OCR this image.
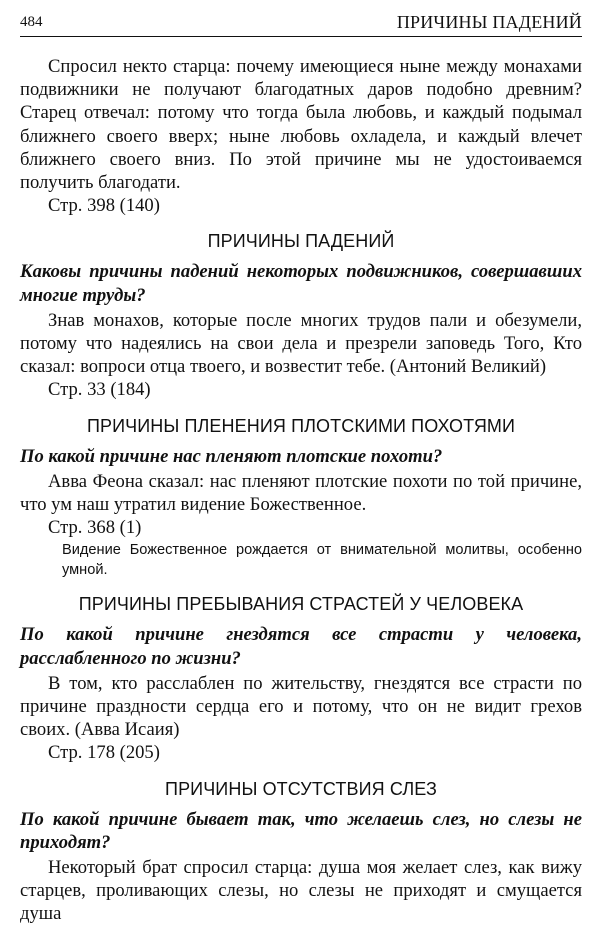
484	ПРИЧИНЫ ПАДЕНИЙ

Спросил некто старца: почему имеющиеся ныне между монахами подвижники не получают благодатных даров подобно древним? Старец отвечал: потому что тогда была любовь, и каждый подымал ближнего своего вверх; ныне любовь охладела, и каждый влечет ближнего своего вниз. По этой причине мы не удостоиваемся получить благодати.

Стр. 398 (140)

ПРИЧИНЫ ПАДЕНИЙ

Каковы причины падений некоторых подвижников, совершавших многие труды?

Знав монахов, которые после многих трудов пали и обезумели, потому что надеялись на свои дела и презрели заповедь Того, Кто сказал: вопроси отца твоего, и возвестит тебе. (Антоний Великий)

Стр. 33 (184)

ПРИЧИНЫ ПЛЕНЕНИЯ ПЛОТСКИМИ ПОХОТЯМИ

По какой причине нас пленяют плотские похоти?

Авва Феона сказал: нас пленяют плотские похоти по той причине, что ум наш утратил видение Божественное.

Стр. 368 (1)

Видение Божественное рождается от внимательной молитвы, особенно умной.

ПРИЧИНЫ ПРЕБЫВАНИЯ СТРАСТЕЙ У ЧЕЛОВЕКА

По какой причине гнездятся все страсти у человека, расслабленного по жизни?

В том, кто расслаблен по жительству, гнездятся все страсти по причине праздности сердца его и потому, что он не видит грехов своих. (Авва Исаия)

Стр. 178 (205)

ПРИЧИНЫ ОТСУТСТВИЯ СЛЕЗ

По какой причине бывает так, что желаешь слез, но слезы не приходят?

Некоторый брат спросил старца: душа моя желает слез, как вижу старцев, проливающих слезы, но слезы не приходят и смущается душа
